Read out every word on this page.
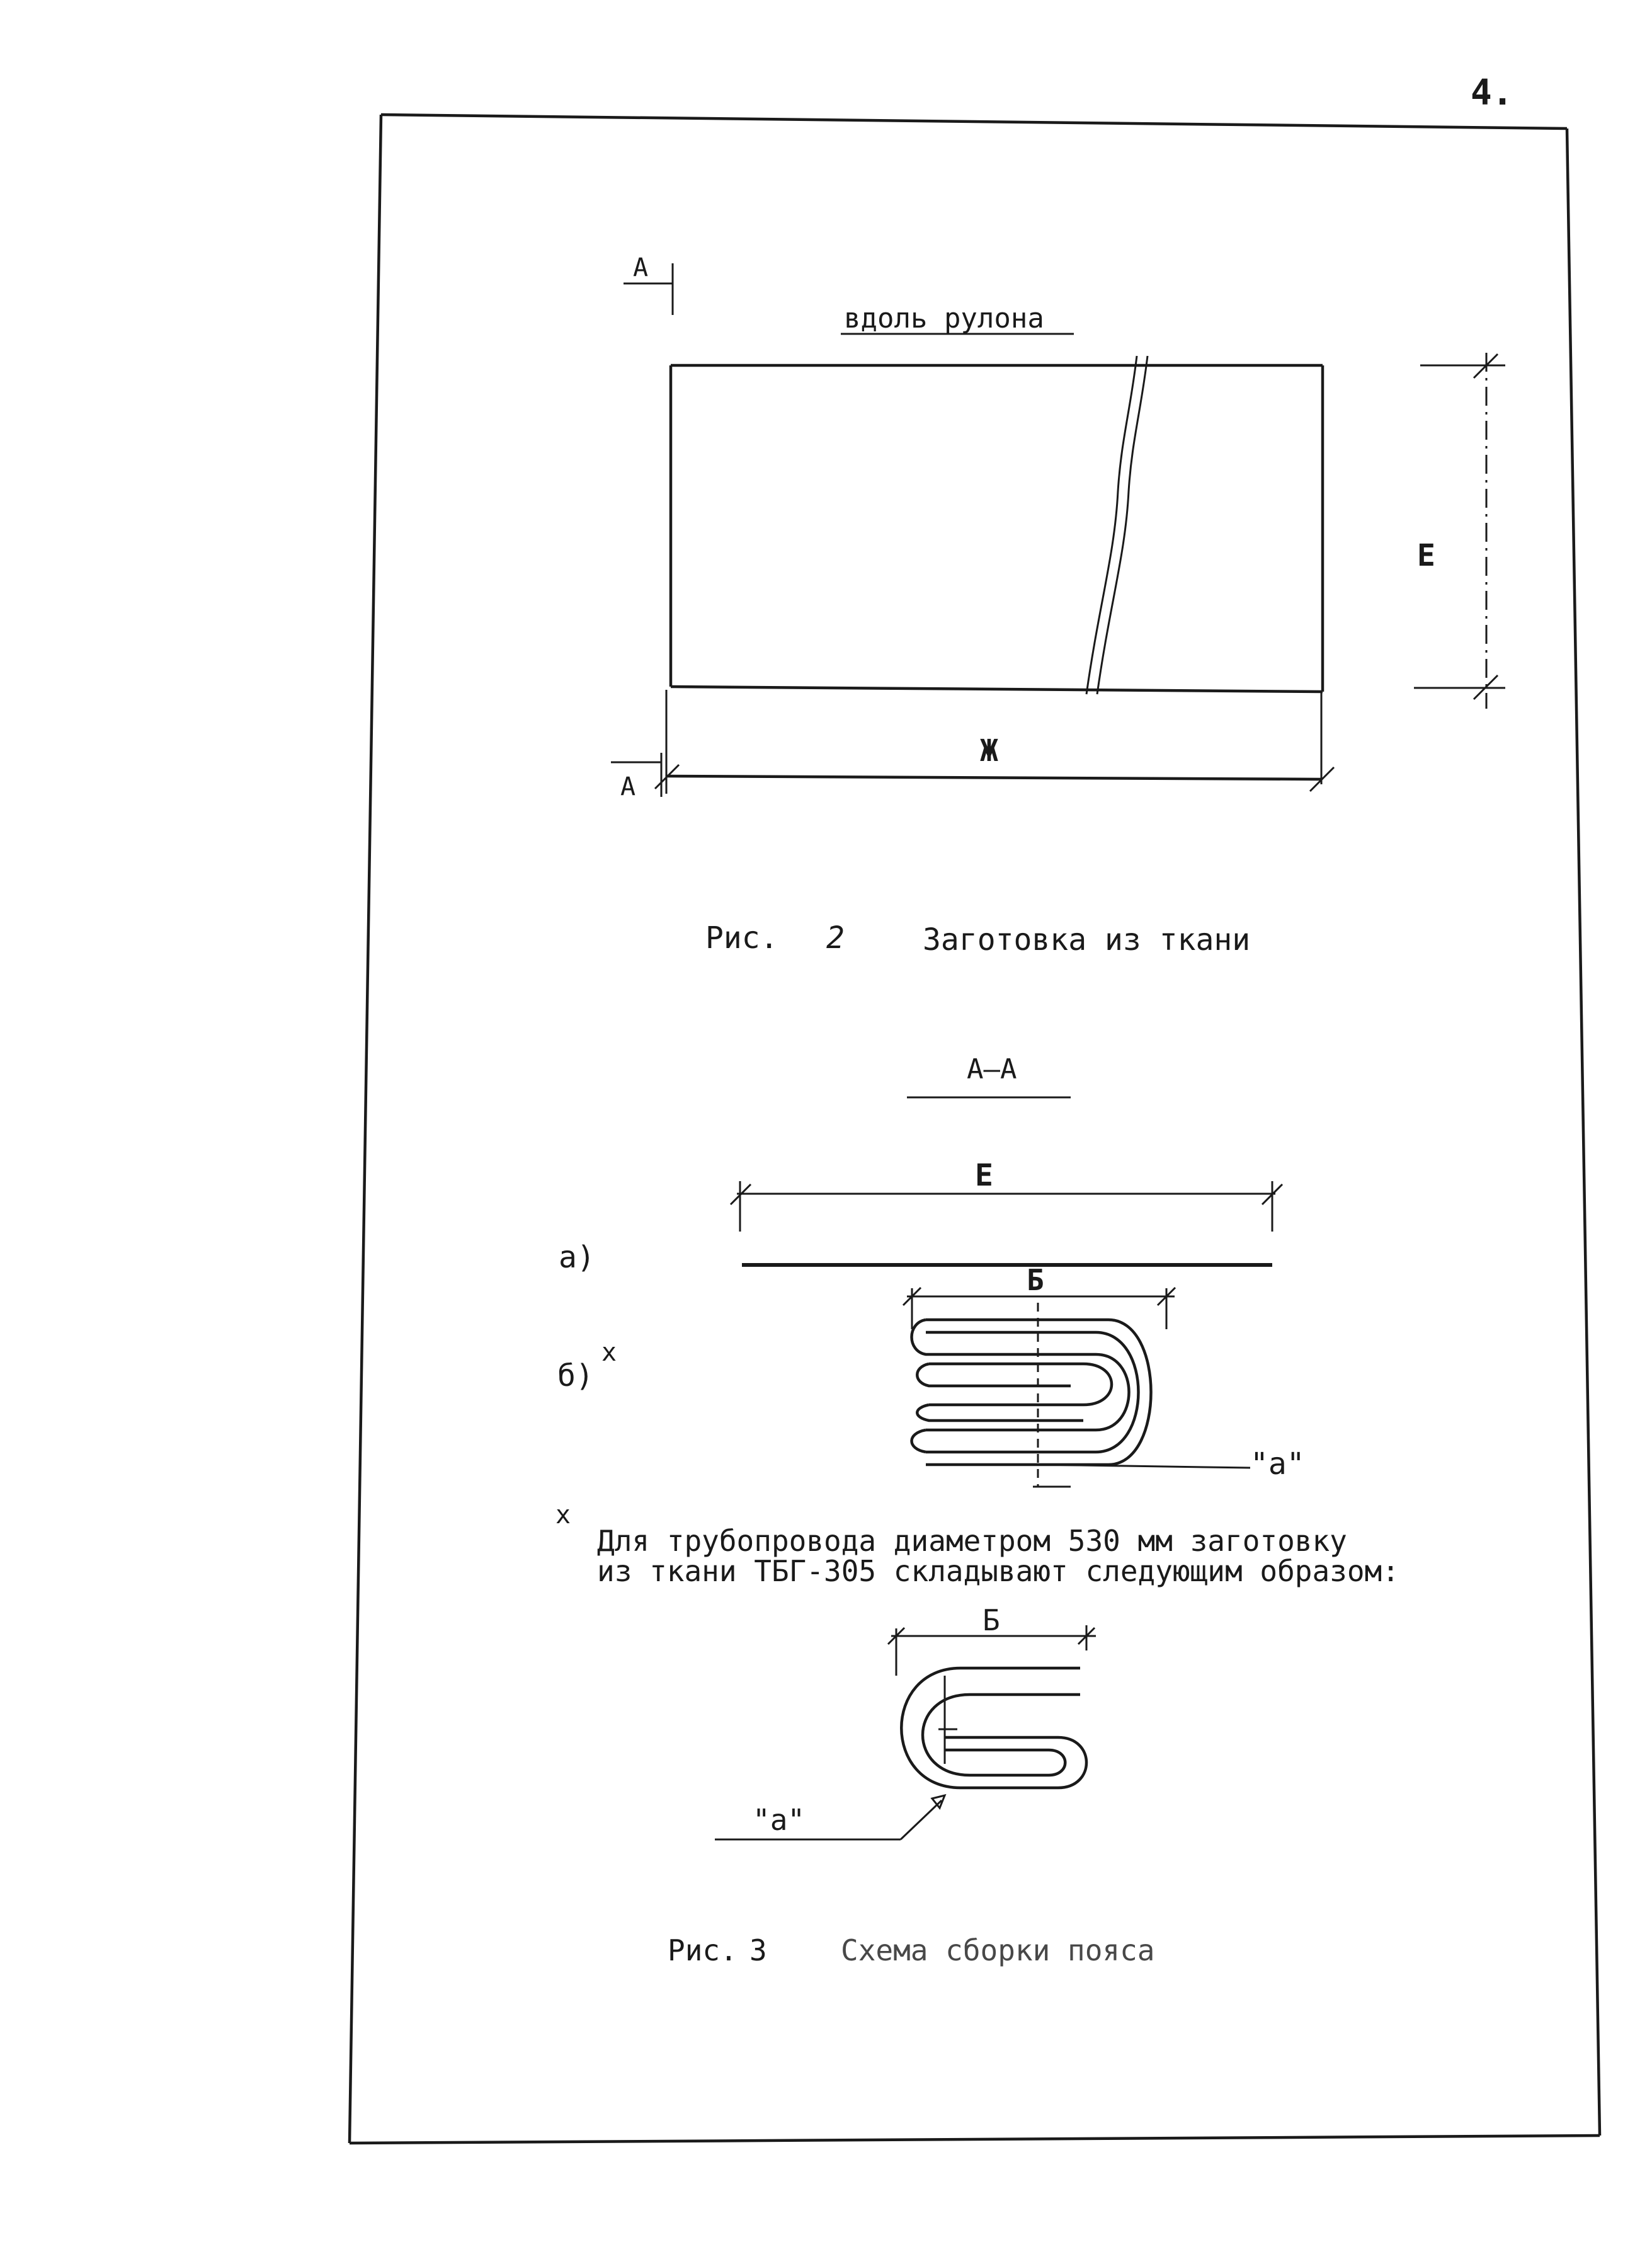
4.
А
вдоль рулона
Е
Ж
А
Рис. 2	Заготовка из ткани
А–А
Е
а)
б)
x
Б
"а"
x
Для трубопровода диаметром 530 мм заготовку
из ткани ТБГ-305 складывают следующим образом:
Б
"а"
Рис. 3	Схема сборки пояса
